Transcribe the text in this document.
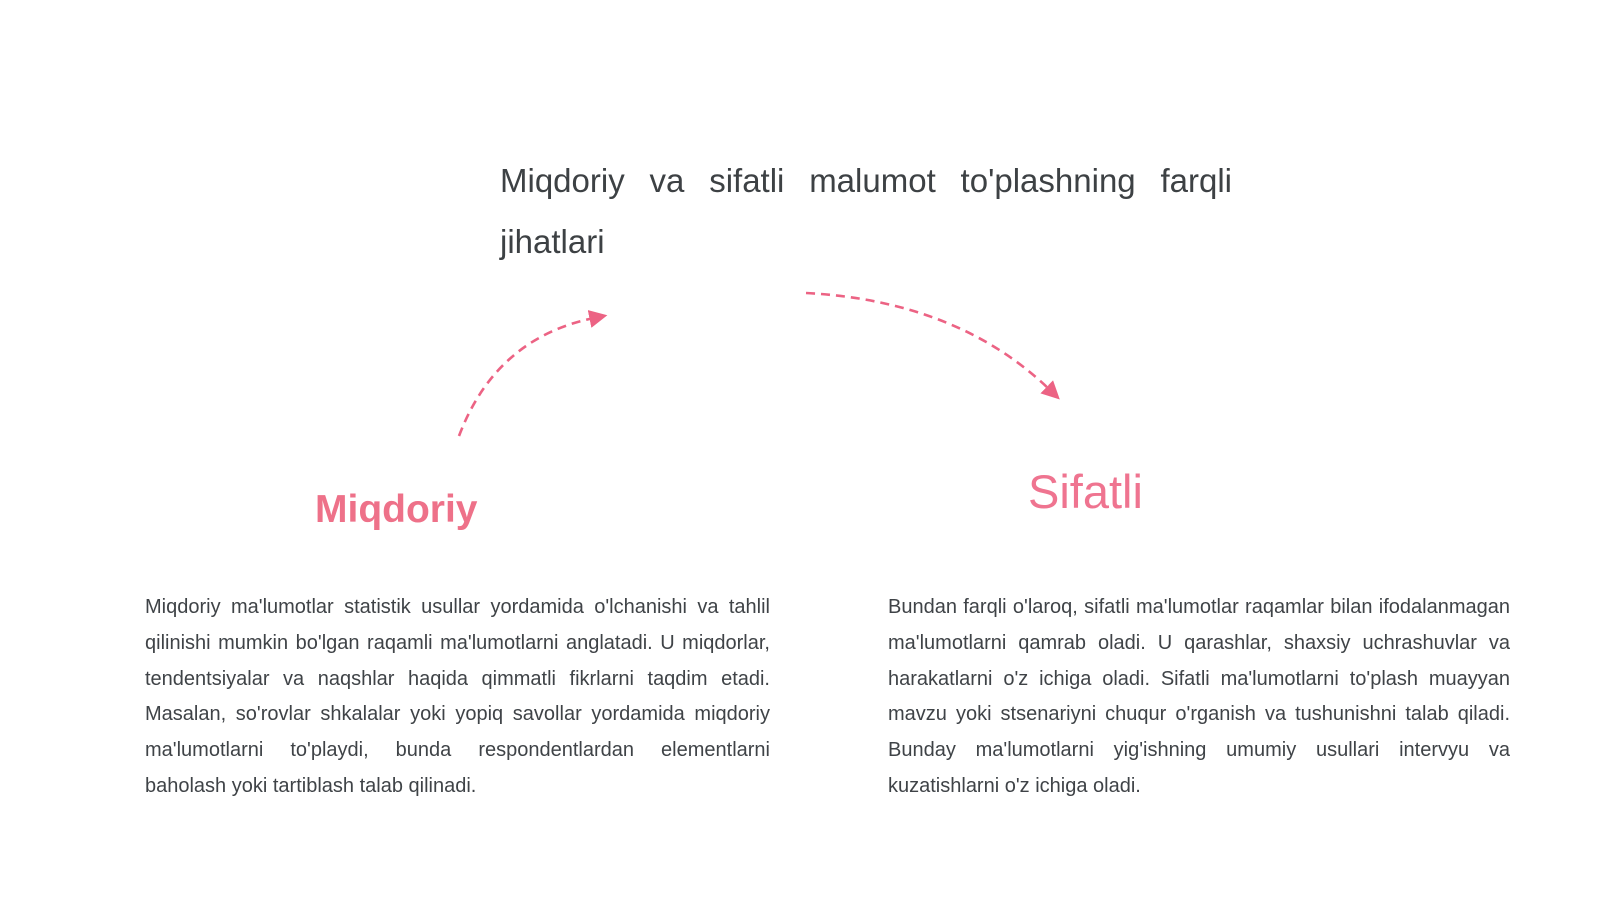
Miqdoriy va sifatli malumot to'plashning farqli jihatlari
Miqdoriy	Sifatli

Miqdoriy ma'lumotlar statistik usullar yordamida o'lchanishi va tahlil qilinishi mumkin bo'lgan raqamli ma'lumotlarni anglatadi. U miqdorlar, tendentsiyalar va naqshlar haqida qimmatli fikrlarni taqdim etadi. Masalan, so'rovlar shkalalar yoki yopiq savollar yordamida miqdoriy ma'lumotlarni to'playdi, bunda respondentlardan elementlarni baholash yoki tartiblash talab qilinadi.

Bundan farqli o'laroq, sifatli ma'lumotlar raqamlar bilan ifodalanmagan ma'lumotlarni qamrab oladi. U qarashlar, shaxsiy uchrashuvlar va harakatlarni o'z ichiga oladi. Sifatli ma'lumotlarni to'plash muayyan mavzu yoki stsenariyni chuqur o'rganish va tushunishni talab qiladi. Bunday ma'lumotlarni yig'ishning umumiy usullari intervyu va kuzatishlarni o'z ichiga oladi.
